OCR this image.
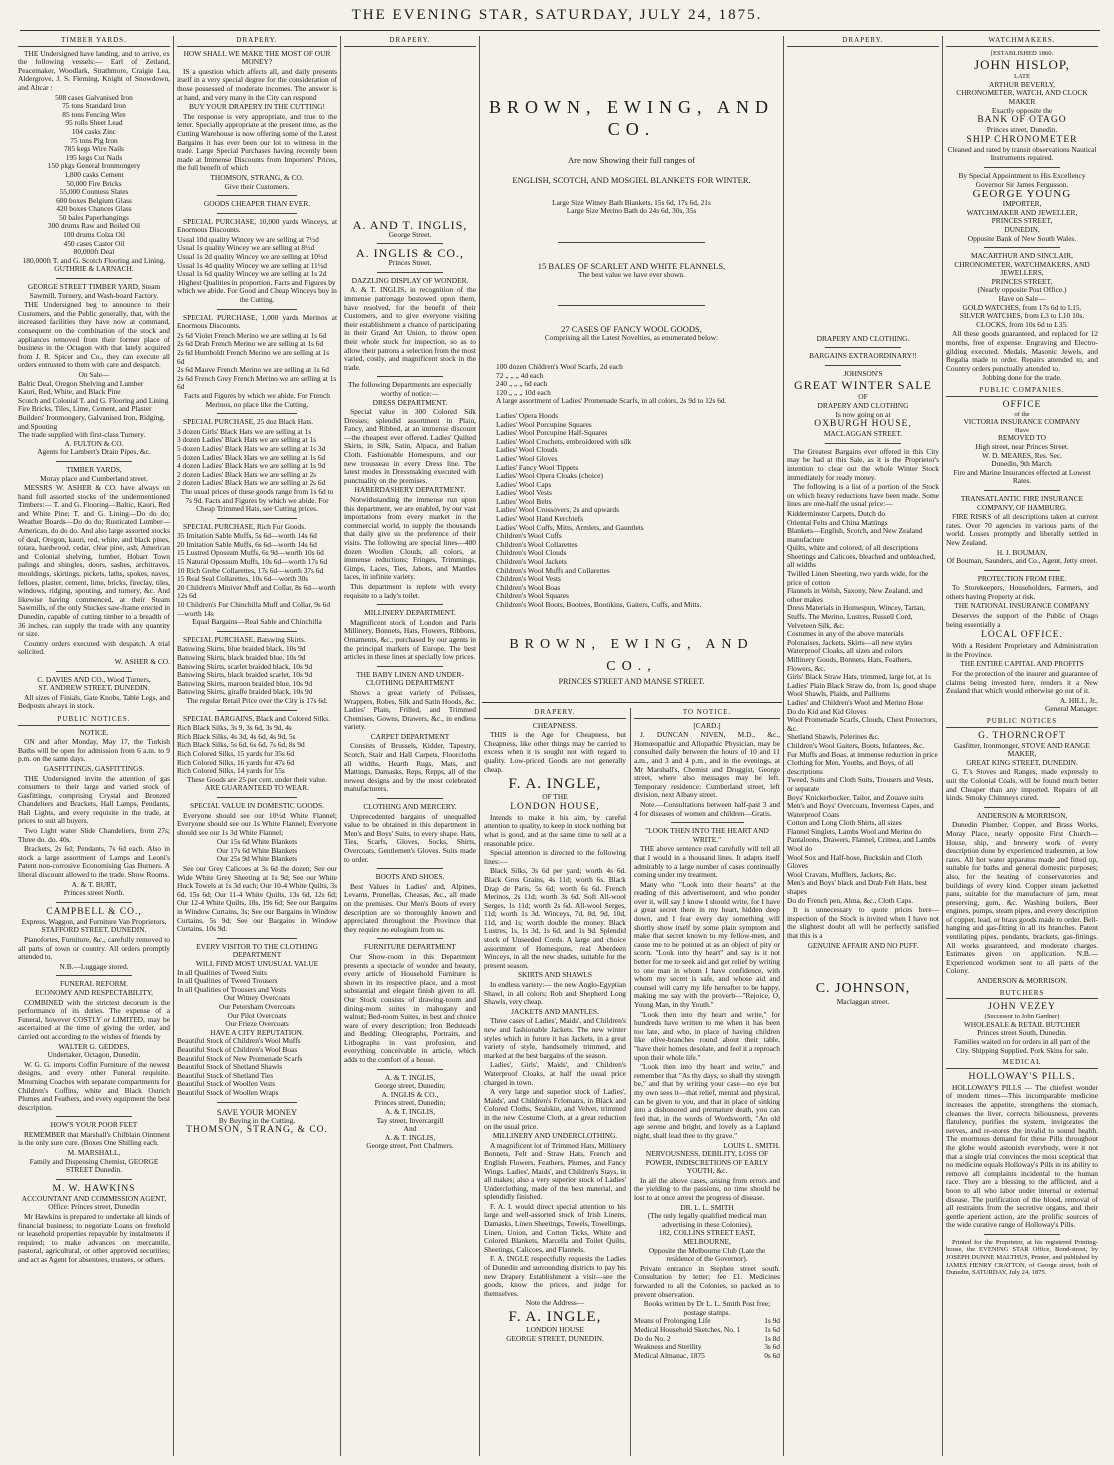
THE EVENING STAR, SATURDAY, JULY 24, 1875.
TIMBER YARDS.
THE Undersigned have landing, and to arrive, ex the following vessels:— Earl of Zetland, Peacemaker, Woodlark, Strathmore, Craigie Lea, Aldergrove, J. S. Fleming, Knight of Snowdown, and Altcar :
508 cases Galvanised Iron
75 tons Standard Iron
85 tons Fencing Wire
95 rolls Sheet Lead
104 casks Zinc
75 tons Pig Iron
785 kegs Wire Nails
195 kegs Cut Nails
150 pkgs General Ironmongery
1,800 casks Cement
50,000 Fire Bricks
55,000 Countess Slates
600 boxes Belgium Glass
420 boxes Chances Glass
50 bales Paperhangings
300 drums Raw and Boiled Oil
100 drums Colza Oil
450 cases Castor Oil
80,000ft Deal
180,000ft T. and G. Scotch Flooring and Lining.
GUTHRIE & LARNACH.
GEORGE STREET TIMBER YARD, Steam Sawmill, Turnery, and Wash-board Factory.
THE Undersigned beg to announce to their Customers, and the Public generally, that, with the increased facilities they have now at command, consequent on the combination of the stock and appliances removed from their former place of business in the Octagon with that lately acquired from J. R. Spicer and Co., they can execute all orders entrusted to them with care and despatch.
On Sale—
Baltic Deal, Oregon Shelving and Lumber
Kauri, Red, White, and Black Pine
Scotch and Colonial T. and G. Flooring and Lining
Fire Bricks, Tiles, Lime, Cement, and Plaster
Builders' Ironmongery, Galvanised Iron, Ridging, and Spouting
The trade supplied with first-class Turnery.
A. FULTON & CO.
Agents for Lambert's Drain Pipes, &c.
TIMBER YARDS,
Moray place and Cumberland street.
MESSRS W. ASHER & CO. have always on hand full assorted stocks of the undermentioned Timbers:— T. and G. Flooring—Baltic, Kauri, Red and White Pine; T. and G. Lining—Do do do; Weather Boards—Do do do; Rusticated Lumber—American, do do do. And also large assorted stocks of deal, Oregon, kauri, red, white, and black pines, totara, hardwood, cedar, clear pine, ash, American and Colonial shelving, lumber, Hobart Town palings and shingles, doors, sashes, architraves, mouldings, skirtings, pickets, laths, spokes, naves, felloes, plaster, cement, lime, bricks, fireclay, tiles, windows, ridging, spouting, and turnery, &c. And likewise having commenced, at their Steam Sawmills, of the only Stuckes saw-frame erected in Dunedin, capable of cutting timber to a breadth of 36 inches, can supply the trade with any quantity or size.
Country orders executed with despatch. A trial solicited.
W. ASHER & CO.
C. DAVIES AND CO., Wood Turners,
ST. ANDREW STREET, DUNEDIN.
All sizes of Finials, Gate Knobs, Table Legs, and Bedposts always in stock.
PUBLIC NOTICES.
NOTICE.
ON and after Monday, May 17, the Turkish Baths will be open for admission from 6 a.m. to 9 p.m. on the same days.
GASFITTINGS, GASFITTINGS.
THE Undersigned invite the attention of gas consumers to their large and varied stock of Gasfittings, comprising Crystal and Bronzed Chandeliers and Brackets, Hall Lamps, Pendants, Hall Lights, and every requisite in the trade, at prices to suit all buyers.
Two Light water Slide Chandeliers, from 27s; Three do. do. 40s.
Brackets, 2s 6d; Pendants, 7s 6d each. Also in stock a large assortment of Lamps and Leoni's Patent non-corrosive Economising Gas Burners. A liberal discount allowed to the trade. Show Rooms.
A. & T. BURT,
Princes street North.
CAMPBELL & CO.,
Express, Waggon, and Furniture Van Proprietors,
STAFFORD STREET, DUNEDIN.
Pianofortes, Furniture, &c., carefully removed to all parts of town or country. All orders promptly attended to.
N.B.—Luggage stored.
FUNERAL REFORM.
ECONOMY AND RESPECTABILITY,
COMBINED with the strictest decorum is the performance of its duties. The expense of a Funeral, however COSTLY or LIMITED, may be ascertained at the time of giving the order, and carried out according to the wishes of friends by
WALTER G. GEDDES,
Undertaker, Octagon, Dunedin.
W. G. G. imports Coffin Furniture of the newest designs, and every other Funeral requisite. Mourning Coaches with separate compartments for Children's Coffins, white and Black Ostrich Plumes and Feathers, and every equipment the best description.
HOW'S YOUR POOR FEET
REMEMBER that Marshall's Chilblain Ointment is the only sure cure. (Boxes One Shilling each.
M. MARSHALL,
Family and Dispensing Chemist, GEORGE STREET Dunedin.
M. W. HAWKINS
ACCOUNTANT AND COMMISSION AGENT,
Office: Princes street, Dunedin
Mr Hawkins is prepared to undertake all kinds of financial business; to negotiate Loans on freehold or leasehold properties repayable by instalments if required; to make advances on mercantile, pastoral, agricultural, or other approved securities; and act as Agent for absentees, trustees, or others.
DRAPERY.
HOW SHALL WE MAKE THE MOST OF OUR MONEY?
IS a question which affects all, and daily presents itself in a very special degree for the consideration of those possessed of moderate incomes. The answer is at hand, and very many in the City can respond
BUY YOUR DRAPERY IN THE CUTTING!
The response is very appropriate, and true to the letter. Specially appropriate at the present time, as the Cutting Warehouse is now offering some of the Latest Bargains it has ever been our lot to witness in the trade. Large Special Purchases having recently been made at Immense Discounts from Importers' Prices, the full benefit of which
THOMSON, STRANG, & CO.
Give their Customers.
GOODS CHEAPER THAN EVER.
SPECIAL PURCHASE, 10,000 yards Winceys, at Enormous Discounts.
Usual 10d quality Wincey we are selling at 7½d
Usual 1s quality Wincey we are selling at 8½d
Usual 1s 2d quality Wincey we are selling at 10½d
Usual 1s 4d quality Wincey we are selling at 11½d
Usual 1s 6d quality Wincey we are selling at 1s 2d
Highest Qualities in proportion. Facts and Figures by which we abide. For Good and Cheap Winceys buy in the Cutting.
SPECIAL PURCHASE, 1,000 yards Merinos at Enormous Discounts.
2s 6d Violet French Merino we are selling at 1s 6d
2s 6d Drab French Merino we are selling at 1s 6d
2s 6d Humboldt French Merino we are selling at 1s 6d
2s 6d Mauve French Merino we are selling at 1s 6d
2s 6d French Grey French Merino we are selling at 1s 6d
Facts and Figures by which we abide. For French Merinos, no place like the Cutting.
SPECIAL PURCHASE, 25 doz Black Hats.
3 dozen Girls' Black Hats we are selling at 1s
3 dozen Ladies' Black Hats we are selling at 1s
5 dozen Ladies' Black Hats we are selling at 1s 3d
5 dozen Ladies' Black Hats we are selling at 1s 6d
4 dozen Ladies' Black Hats we are selling at 1s 9d
2 dozen Ladies' Black Hats we are selling at 2s
2 dozen Ladies' Black Hats we are selling at 2s 6d
The usual prices of these goods range from 1s 6d to 7s 9d. Facts and Figures by which we abide. For Cheap Trimmed Hats, see Cutting prices.
SPECIAL PURCHASE, Rich Fur Goods.
35 Imitation Sable Muffs, 5s 6d—worth 14s 6d
20 Imitation Sable Muffs, 6s 6d—worth 14s 6d
15 Lustred Opossum Muffs, 6s 9d—worth 10s 6d
15 Natural Opossum Muffs, 10s 6d—worth 17s 6d
10 Rich Grebe Collarettes, 17s 6d—worth 37s 6d
15 Real Seal Collarettes, 10s 6d—worth 30s
20 Children's Miniver Muff and Collar, 8s 6d—worth 12s 6d
10 Children's Fur Chinchilla Muff and Collar, 9s 6d—worth 14s
Equal Bargains—Real Sable and Chinchilla
SPECIAL PURCHASE, Batswing Skirts.
Batswing Skirts, blue braided black, 10s 9d
Batswing Skirts, black braided blue, 10s 9d
Batswing Skirts, scarlet braided black, 10s 9d
Batswing Skirts, black braided scarlet, 10s 9d
Batswing Skirts, maroon braided blue, 10s 9d
Batswing Skirts, giraffe braided black, 10s 9d
The regular Retail Price over the City is 17s 6d.
SPECIAL BARGAINS, Black and Colored Silks.
Rich Black Silks, 3s 9, 3s 6d, 3s 9d, 4s
Rich Black Silks, 4s 3d, 4s 6d, 4s 9d, 5s
Rich Black Silks, 5s 6d, 6s 6d, 7s 6d, 8s 9d
Rich Colored Silks, 15 yards for 35s 6d
Rich Colored Silks, 16 yards for 47s 6d
Rich Colored Silks, 14 yards for 55s
These Goods are 25 per cent. under their value.
ARE GUARANTEED TO WEAR.
SPECIAL VALUE IN DOMESTIC GOODS.
Everyone should see our 10½d White Flannel; Everyone should see our 1s White Flannel; Everyone should see our 1s 3d White Flannel;
Our 15s 6d White Blankets
Our 17s 6d White Blankets
Our 25s 9d White Blankets
See our Grey Calicoes at 3s 6d the dozen; See our Wide White Grey Sheeting at 1s 9d; See our White Huck Towels at 1s 3d each; Our 10-4 White Quilts, 3s 6d, 15s 6d; Our 11-4 White Quilts, 13s 6d, 12s 6d; Our 12-4 White Quilts, 18s, 19s 6d; See our Bargains in Window Curtains, 3s; See our Bargains in Window Curtains, 5s 9d; See our Bargains in Window Curtains, 10s 9d.
EVERY VISITOR TO THE CLOTHING DEPARTMENT
WILL FIND MOST UNUSUAL VALUE
In all Qualities of Tweed Suits
In all Qualities of Tweed Trousers
In all Qualities of Trousers and Vests
Our Witney Overcoats
Our Petersham Overcoats
Our Pilot Overcoats
Our Frieze Overcoats
HAVE A CITY REPUTATION.
Beautiful Stock of Children's Wool Muffs
Beautiful Stock of Children's Wool Boas
Beautiful Stock of New Promenade Scarfs
Beautiful Stock of Shetland Shawls
Beautiful Stock of Shetland Ties
Beautiful Stock of Woollen Vests
Beautiful Stock of Woollen Wraps
SAVE YOUR MONEY
By Buying in the Cutting.
THOMSON, STRANG, & CO.
DRAPERY.
A. AND T. INGLIS,
George Street.
A. INGLIS & CO.,
Princes Street.
DAZZLING DISPLAY OF WONDER.
A. & T. INGLIS, in recognition of the immense patronage bestowed upon them, have resolved, for the benefit of their Customers, and to give everyone visiting their establishment a chance of participating in their Grand Art Union, to throw open their whole stock for inspection, so as to allow their patrons a selection from the most varied, costly, and magnificent stock in the trade.
The following Departments are especially worthy of notice:—
DRESS DEPARTMENT.
Special value in 300 Colored Silk Dresses; splendid assortment in Plain, Fancy, and Ribbed, at an immense discount—the cheapest ever offered. Ladies' Quilted Skirts, in Silk, Satin, Alpaca, and Italian Cloth. Fashionable Homespuns, and our new trousseau in every Dress line. The latest modes in Dressmaking executed with punctuality on the premises.
HABERDASHERY DEPARTMENT.
Notwithstanding the immense run upon this department, we are enabled, by our vast importations from every market in the commercial world, to supply the thousands that daily give us the preference of their visits. The following are special lines—400 dozen Woollen Clouds, all colors, at immense reductions; Fringes, Trimmings, Gimps, Laces, Ties, Jabots, and Mantles laces, in infinite variety.
This department is replete with every requisite to a lady's toilet.
MILLINERY DEPARTMENT.
Magnificent stock of London and Paris Millinery, Bonnets, Hats, Flowers, Ribbons, Ornaments, &c., purchased by our agents in the principal markets of Europe. The best articles in these lines at specially low prices.
THE BABY LINEN AND UNDER-CLOTHING DEPARTMENT
Shows a great variety of Pelisses, Wrappers, Robes, Silk and Satin Hoods, &c. Ladies' Plain, Frilled, and Trimmed Chemises, Gowns, Drawers, &c., in endless variety.
CARPET DEPARTMENT
Consists of Brussels, Kidder, Tapestry, Scotch, Stair and Hall Carpets, Floorcloths all widths, Hearth Rugs, Mats, and Mattings, Damasks, Reps, Repps, all of the newest designs and by the most celebrated manufacturers.
CLOTHING AND MERCERY.
Unprecedented bargains of unequalled value to be obtained in this department in Men's and Boys' Suits, to every shape. Hats, Ties, Scarfs, Gloves, Socks, Shirts, Overcoats, Gentlemen's Gloves. Suits made to order.
BOOTS AND SHOES.
Best Values in Ladies' and, Alpines, Levants, Prunellas, Cheasas, &c., all made on the premises. Our Men's Boots of every description are so thoroughly known and appreciated throughout the Province that they require no eulogium from us.
FURNITURE DEPARTMENT
Our Show-room in this Department presents a spectacle of wonder and beauty, every article of Household Furniture is shown in its respective place, and a most substantial and elegant finish given to all. Our Stock consists of drawing-room and dining-room suites in mahogany and walnut; Bed-room Suites, in best and choice ware of every description; Iron Bedsteads and Bedding; Oleographs, Portraits, and Lithographs in vast profusion, and everything conceivable in article, which adds to the comfort of a house.
A. & T. INGLIS,
George street, Dunedin;
A. INGLIS & CO.,
Princes street, Dunedin;
A. & T. INGLIS,
Tay street, Invercargill
And
A. & T. INGLIS,
George street, Port Chalmers.
BROWN, EWING, AND CO.
Are now Showing their full ranges of
ENGLISH, SCOTCH, AND MOSGIEL BLANKETS FOR WINTER.
Large Size Witney Bath Blankets, 15s 6d, 17s 6d, 21s
Large Size Merino Bath do 24s 6d, 30s, 35s
15 BALES OF SCARLET AND WHITE FLANNELS,
The best value we have ever shown.
27 CASES OF FANCY WOOL GOODS,
Comprising all the Latest Novelties, as enumerated below:
100 dozen Children's Wool Scarfs, 2d each
72 „ „ „ 4d each
240 „ „ „ 6d each
120 „ „ „ 10d each
A large assortment of Ladies' Promenade Scarfs, in all colors, 2s 9d to 12s 6d.
Ladies' Opera Hoods
Ladies' Wool Porcupine Squares
Ladies' Wool Porcupine Half-Squares
Ladies' Wool Crochets, embroidered with silk
Ladies' Wool Clouds
Ladies' Wool Gloves
Ladies' Fancy Wool Tippets
Ladies' Wool Opera Cloaks (choice)
Ladies' Wool Caps
Ladies' Wool Vests
Ladies' Wool Belts
Ladies' Wool Crossovers, 2s and upwards
Ladies' Wool Hand Kerchiefs
Ladies' Wool Cuffs, Mitts, Armlets, and Gauntlets
Children's Wool Cuffs
Children's Wool Collarettes
Children's Wool Clouds
Children's Wool Jackets
Children's Wool Muffs and Collarettes
Children's Wool Vests
Children's Wool Boas
Children's Wool Squares
Children's Wool Boots, Bootees, Bootikins, Gaiters, Cuffs, and Mitts.
BROWN, EWING, AND CO.,
PRINCES STREET AND MANSE STREET.
DRAPERY.
CHEAPNESS.
THIS is the Age for Cheapness, but Cheapness, like other things may be carried to excess when it is sought not with regard to quality. Low-priced Goods are not generally cheap.
F. A. INGLE,
OF THE
LONDON HOUSE,
Intends to make it his aim, by careful attention to quality, to keep in stock nothing but what is good, and at the same time to sell at a reasonable price.
Special attention is directed to the following lines:—
Black Silks, 3s 6d per yard; worth 4s 6d. Black Gros Grains, 4s 11d; worth 6s. Black Drap de Paris, 5s 6d; worth 6s 6d. French Merinos, 2s 11d; worth 3s 6d. Soft All-wool Serges, 1s 11d; worth 2s 6d. All-wool Serges, 11d; worth 1s 3d. Winceys, 7d, 8d, 9d, 10d, 11d, and 1s; worth double the money. Black Lustres, 1s, 1s 3d, 1s 6d, and 1s 9d. Splendid stock of Unseeded Cords. A large and choice assortment of Homespuns, real Aberdeen Winceys, in all the new shades, suitable for the present season.
SKIRTS AND SHAWLS
In endless variety:— the new Anglo-Egyptian Shawl, in all colors; Rob and Shepherd Long Shawls, very cheap.
JACKETS AND MANTLES.
Three cases of Ladies', Maids', and Children's new and fashionable Jackets. The new winter styles which in future it has Jackets, in a great variety of style, handsomely trimmed, and marked at the best bargains of the season.
Ladies', Girls', Maids', and Children's Waterproof Cloaks, at half the usual price charged in town.
A very large and superior stock of Ladies', Maids', and Children's Fclomatrs, in Black and Colored Cloths, Sealskin, and Velvet, trimmed in the new Costume Cloth, at a great reduction on the usual price.
MILLINERY AND UNDERCLOTHING.
A magnificent lot of Trimmed Hats, Millinery Bonnets, Felt and Straw Hats, French and English Flowers, Feathers, Plumes, and Fancy Wings. Ladies', Maids', and Children's Stays, in all makes; also a very superior stock of Ladies' Underclothing, made of the best material, and splendidly finished.
F. A. I. would direct special attention to his large and well-assorted stock of Irish Linens, Damasks, Linen Sheetings, Towels, Towellings, Linen, Union, and Cotton Ticks, White and Colored Blankets, Marcella and Toilet Quilts, Sheetings, Calicoes, and Flannels.
F. A. INGLE respectfully requests the Ladies of Dunedin and surrounding districts to pay his new Drapery Establishment a visit—see the goods, know the prices, and judge for themselves.
Note the Address—
F. A. INGLE,
LONDON HOUSE
GEORGE STREET, DUNEDIN.
TO NOTICE.
[CARD.]
J. DUNCAN NIVEN, M.D., &c., Homœopathic and Allopathic Physician, may be consulted daily between the hours of 10 and 11 a.m., and 3 and 4 p.m., and in the evenings, at Mr Marshall's, Chemist and Druggist, George street, where also messages may be left. Temporary residence: Cumberland street, left division, next Albany street.
Note.—Consultations between half-past 3 and 4 for diseases of women and children—Gratis.
"LOOK THEN INTO THE HEART AND WRITE."
THE above sentence read carefully will tell all that I would in a thousand lines. It adapts itself admirably to a large number of cases continually coming under my treatment.
Many who "Look into their hearts" at the reading of this advertisement, and who ponder over it, will say I know I should write, for I have a great secret there in my heart, hidden deep down, and I fear every day something will shortly show itself by some plain symptom and make that secret known to my fellow-men, and cause me to be pointed at as an object of pity or scorn. "Look into thy heart" and say is it not better for me to seek aid and get relief by writing to one man in whom I have confidence, with whom my secret is safe, and whose aid and counsel will carry my life hereafter to be happy, making me say with the proverb—"Rejoice, O, Young Man, in thy Youth."
"Look then into thy heart and write," for hundreds have written to me when it has been too late, and who, in place of having children like olive-branches round about their table, "have their homes desolate, and feel it a reproach upon their whole life."
"Look then into thy heart and write," and remember that "As thy days, so shall thy strength be," and that by writing your case—no eye but my own sees it—that relief, mental and physical, can be given to you, and that in place of sinking into a dishonored and premature death, you can feel that, in the words of Wordsworth, "An old age serene and bright, and lovely as a Lapland night, shall lead thee to thy grave."
LOUIS L. SMITH.
NERVOUSNESS, DEBILITY, LOSS OF POWER, INDISCRETIONS OF EARLY YOUTH, &c.
In all the above cases, arising from errors and the yielding to the passions, no time should be lost to at once arrest the progress of disease.
DR. L. L. SMITH
(The only legally qualified medical man advertising in these Colonies),
182, COLLINS STREET EAST, MELBOURNE,
Opposite the Melbourne Club (Late the residence of the Governor).
Private entrance in Stephen street south. Consultation by letter; fee £1. Medicines forwarded to all the Colonies, so packed as to prevent observation.
Books written by Dr L. L. Smith Post free; postage stamps.
Means of Prolonging Life	1s 9d
Medical Household Sketches, No. 1	1s 6d
Do do No. 2	1s 8d
Weakness and Sterility	3s 6d
Medical Almanac, 1875	0s 6d
DRAPERY.
DRAPERY AND CLOTHING.
BARGAINS EXTRAORDINARY!!
JOHNSON'S
GREAT WINTER SALE
OF
DRAPERY AND CLOTHING
Is now going on at
OXBURGH HOUSE,
MACLAGGAN STREET.
The Greatest Bargains ever offered in this City may be had at this Sale, as it is the Proprietor's intention to clear out the whole Winter Stock immediately for ready money.
The following is a list of a portion of the Stock on which heavy reductions have been made. Some lines are one-half the usual price:—
Kidderminster Carpets, Dutch do
Oriental Felts and China Mattings
Blankets—English, Scotch, and New Zealand manufacture
Quilts, white and colored, of all descriptions
Sheetings and Calicoes, bleached and unbleached, all widths
Twilled Linen Sheeting, two yards wide, for the price of cotton
Flannels in Welsh, Saxony, New Zealand, and other makes
Dress Materials in Homespun, Wincey, Tartan, Stuffs. The Merino, Lustres, Russell Cord, Velveteen Silk, &c.
Costumes in any of the above materials
Polonaises, Jackets, Skirts—all new styles
Waterproof Cloaks, all sizes and colors
Millinery Goods, Bonnets, Hats, Feathers, Flowers, &c.
Girls' Black Straw Hats, trimmed, large lot, at 1s
Ladies' Plain Black Straw do, from 1s, good shape
Wool Shawls, Plaids, and Palliums
Ladies' and Children's Wool and Merino Hose
Do do Kid and Kid Gloves
Wool Promenade Scarfs, Clouds, Chest Protectors, &c.
Shetland Shawls, Pelerines &c.
Children's Wool Gaiters, Boots, Infantees, &c.
Fur Muffs and Boas, at immense reduction in price
Clothing for Men, Youths, and Boys, of all descriptions
Tweed, Suits and Cloth Suits, Trousers and Vests, or separate
Boys' Knickerbocker, Tailor, and Zouave suits
Men's and Boys' Overcoats, Inverness Capes, and Waterproof Coats
Cotton and Long Cloth Shirts, all sizes
Flannel Singlets, Lambs Wool and Merino do
Pantaloons, Drawers, Flannel, Crimea, and Lambs Wool do
Wool Sox and Half-hose, Buckskin and Cloth Gloves
Wool Cravats, Mufflers, Jackets, &c.
Men's and Boys' black and Drab Felt Hats, best shapes
Do do French pen, Alma, &c., Cloth Caps.
It is unnecessary to quote prices here—inspection of the Stock is invited when I have not the slightest doubt all will be perfectly satisfied that this is a
GENUINE AFFAIR AND NO PUFF.
C. JOHNSON,
Maclaggan street.
WATCHMAKERS.
[ESTABLISHED 1860.
JOHN HISLOP,
LATE
ARTHUR BEVERLY,
CHRONOMETER, WATCH, AND CLOCK MAKER
Exactly opposite the
BANK OF OTAGO
Princes street, Dunedin.
SHIP CHRONOMETER
Cleaned and rated by transit observations Nautical Instruments repaired.
By Special Appointment to His Excellency Governor Sir James Fergusson.
GEORGE YOUNG
IMPORTER,
WATCHMAKER AND JEWELLER,
PRINCES STREET,
DUNEDIN,
Opposite Bank of New South Wales.
MACARTHUR AND SINCLAIR,
CHRONOMETER, WATCHMAKERS, AND JEWELLERS,
PRINCES STREET,
(Nearly opposite Post Office.)
Have on Sale—
GOLD WATCHES, from 17s 6d to L15.
SILVER WATCHES, from L3 to L10 10s.
CLOCKS, from 10s 6d to L35.
All these goods guaranteed, and replaced for 12 months, free of expense. Engraving and Electro-gilding executed. Medals, Masonic Jewels, and Regalia made to order. Repairs attended to, and Country orders punctually attended to.
Jobbing done for the trade.
PUBLIC COMPANIES.
OFFICE
of the
VICTORIA INSURANCE COMPANY
Have
REMOVED TO
High street, near Princes Street.
W. D. MEARES, Res. Sec.
Dunedin, 9th March.
Fire and Marine Insurances effected at Lowest Rates.
TRANSATLANTIC FIRE INSURANCE COMPANY, OF HAMBURG.
FIRE RISKS of all descriptions taken at current rates. Over 70 agencies in various parts of the world. Losses promptly and liberally settled in New Zealand.
H. J. BOUMAN,
Of Bouman, Saunders, and Co., Agent, Jetty street.
PROTECTION FROM FIRE.
To Storekeepers, Householders, Farmers, and others having Property at risk.
THE NATIONAL INSURANCE COMPANY
Deserves the support of the Public of Otago being essentially a
LOCAL OFFICE.
With a Resident Proprietary and Administration in the Province.
THE ENTIRE CAPITAL AND PROFITS
For the protection of the insurer and guarantee of claims being invested here, renders it a New Zealand that which would otherwise go out of it.
A. HILL, Jr.,
General Manager.
PUBLIC NOTICES
G. THORNCROFT
Gasfitter, Ironmonger, STOVE AND RANGE MAKER,
GREAT KING STREET, DUNEDIN.
G. T.'s Stoves and Ranges, made expressly to suit the Colonial Coals, will be found much better and Cheaper than any imported. Repairs of all kinds. Smoky Chimneys cured.
ANDERSON & MORRISON,
Dunedin Plumber, Copper, and Brass Works, Moray Place, nearly opposite First Church—House, ship, and brewery work of every description done by experienced tradesmen, at low rates. All hot water apparatus made and fitted up, suitable for baths and general domestic purposes; also, for the heating of conservatories and buildings of every kind. Copper steam jacketted pans, suitable for the manufacture of jam, meat preserving, gum, &c. Washing boilers, Beer engines, pumps, steam pipes, and every description of copper, lead, or brass goods made to order. Bell-hanging and gas-fitting in all its branches. Patent ventilating pipes, pendants, brackets, gas-fittings. All works guaranteed, and moderate charges. Estimates given on application. N.B.—Experienced workmen sent to all parts of the Colony.
ANDERSON & MORRISON.
BUTCHERS
JOHN VEZEY
(Successor to John Gardner)
WHOLESALE & RETAIL BUTCHER
Princes street South, Dunedin.
Families waited on for orders in all part of the City. Shipping Supplied. Pork Skins for sale.
MEDICAL
HOLLOWAY'S PILLS.
HOLLOWAY'S PILLS — The chiefest wonder of modern times—This incomparable medicine increases the appetite, strengthens the stomach, cleanses the liver, corrects biliousness, prevents flatulency, purifies the system, invigorates the nerves, and re-stores the invalid to sound health. The enormous demand for these Pills throughout the globe would astonish everybody, were it not that a single trial convinces the most sceptical that no medicine equals Holloway's Pills in its ability to remove all complaints incidental to the human race. They are a blessing to the afflicted, and a boon to all who labor under internal or external disease. The purification of the blood, removal of all restraints from the secretive organs, and their gentle aperient action, are the prolific sources of the wide curative range of Holloway's Pills.
Printed for the Proprietor, at his registered Printing-house, the EVENING STAR Office, Bond-street, by JOSEPH DUNNE MALTHUS, Printer, and published by JAMES HENRY CRATTON, of George street, both of Dunedin, SATURDAY, July 24, 1875.
